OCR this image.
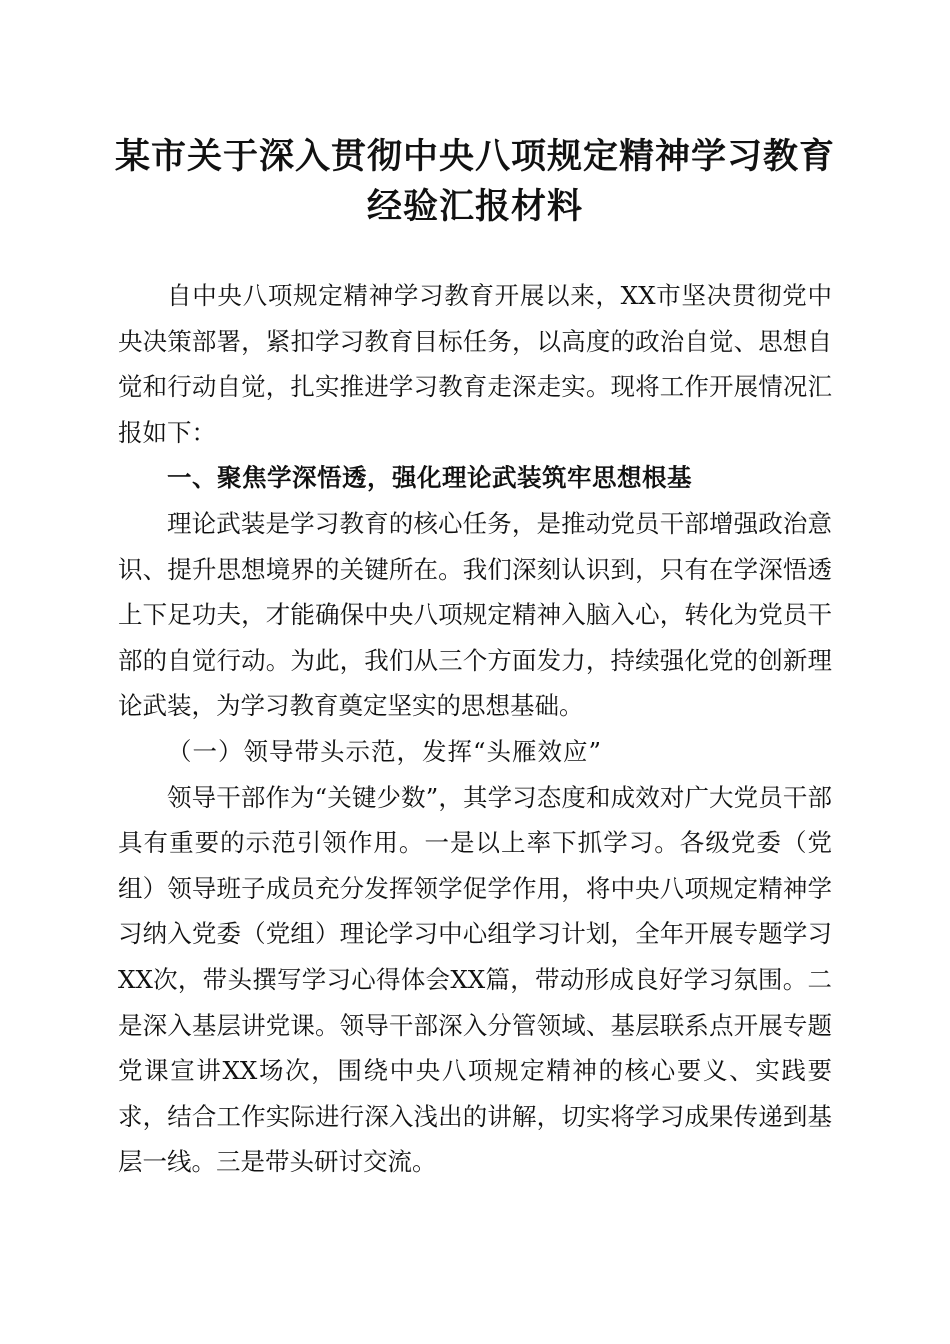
某市关于深入贯彻中央八项规定精神学习教育
经验汇报材料

自中央八项规定精神学习教育开展以来，XX市坚决贯彻党中央决策部署，紧扣学习教育目标任务，以高度的政治自觉、思想自觉和行动自觉，扎实推进学习教育走深走实。现将工作开展情况汇报如下：

一、聚焦学深悟透，强化理论武装筑牢思想根基

理论武装是学习教育的核心任务，是推动党员干部增强政治意识、提升思想境界的关键所在。我们深刻认识到，只有在学深悟透上下足功夫，才能确保中央八项规定精神入脑入心，转化为党员干部的自觉行动。为此，我们从三个方面发力，持续强化党的创新理论武装，为学习教育奠定坚实的思想基础。

（一）领导带头示范，发挥“头雁效应”

领导干部作为“关键少数”，其学习态度和成效对广大党员干部具有重要的示范引领作用。一是以上率下抓学习。各级党委（党组）领导班子成员充分发挥领学促学作用，将中央八项规定精神学习纳入党委（党组）理论学习中心组学习计划，全年开展专题学习XX次，带头撰写学习心得体会XX篇，带动形成良好学习氛围。二是深入基层讲党课。领导干部深入分管领域、基层联系点开展专题党课宣讲XX场次，围绕中央八项规定精神的核心要义、实践要求，结合工作实际进行深入浅出的讲解，切实将学习成果传递到基层一线。三是带头研讨交流。
